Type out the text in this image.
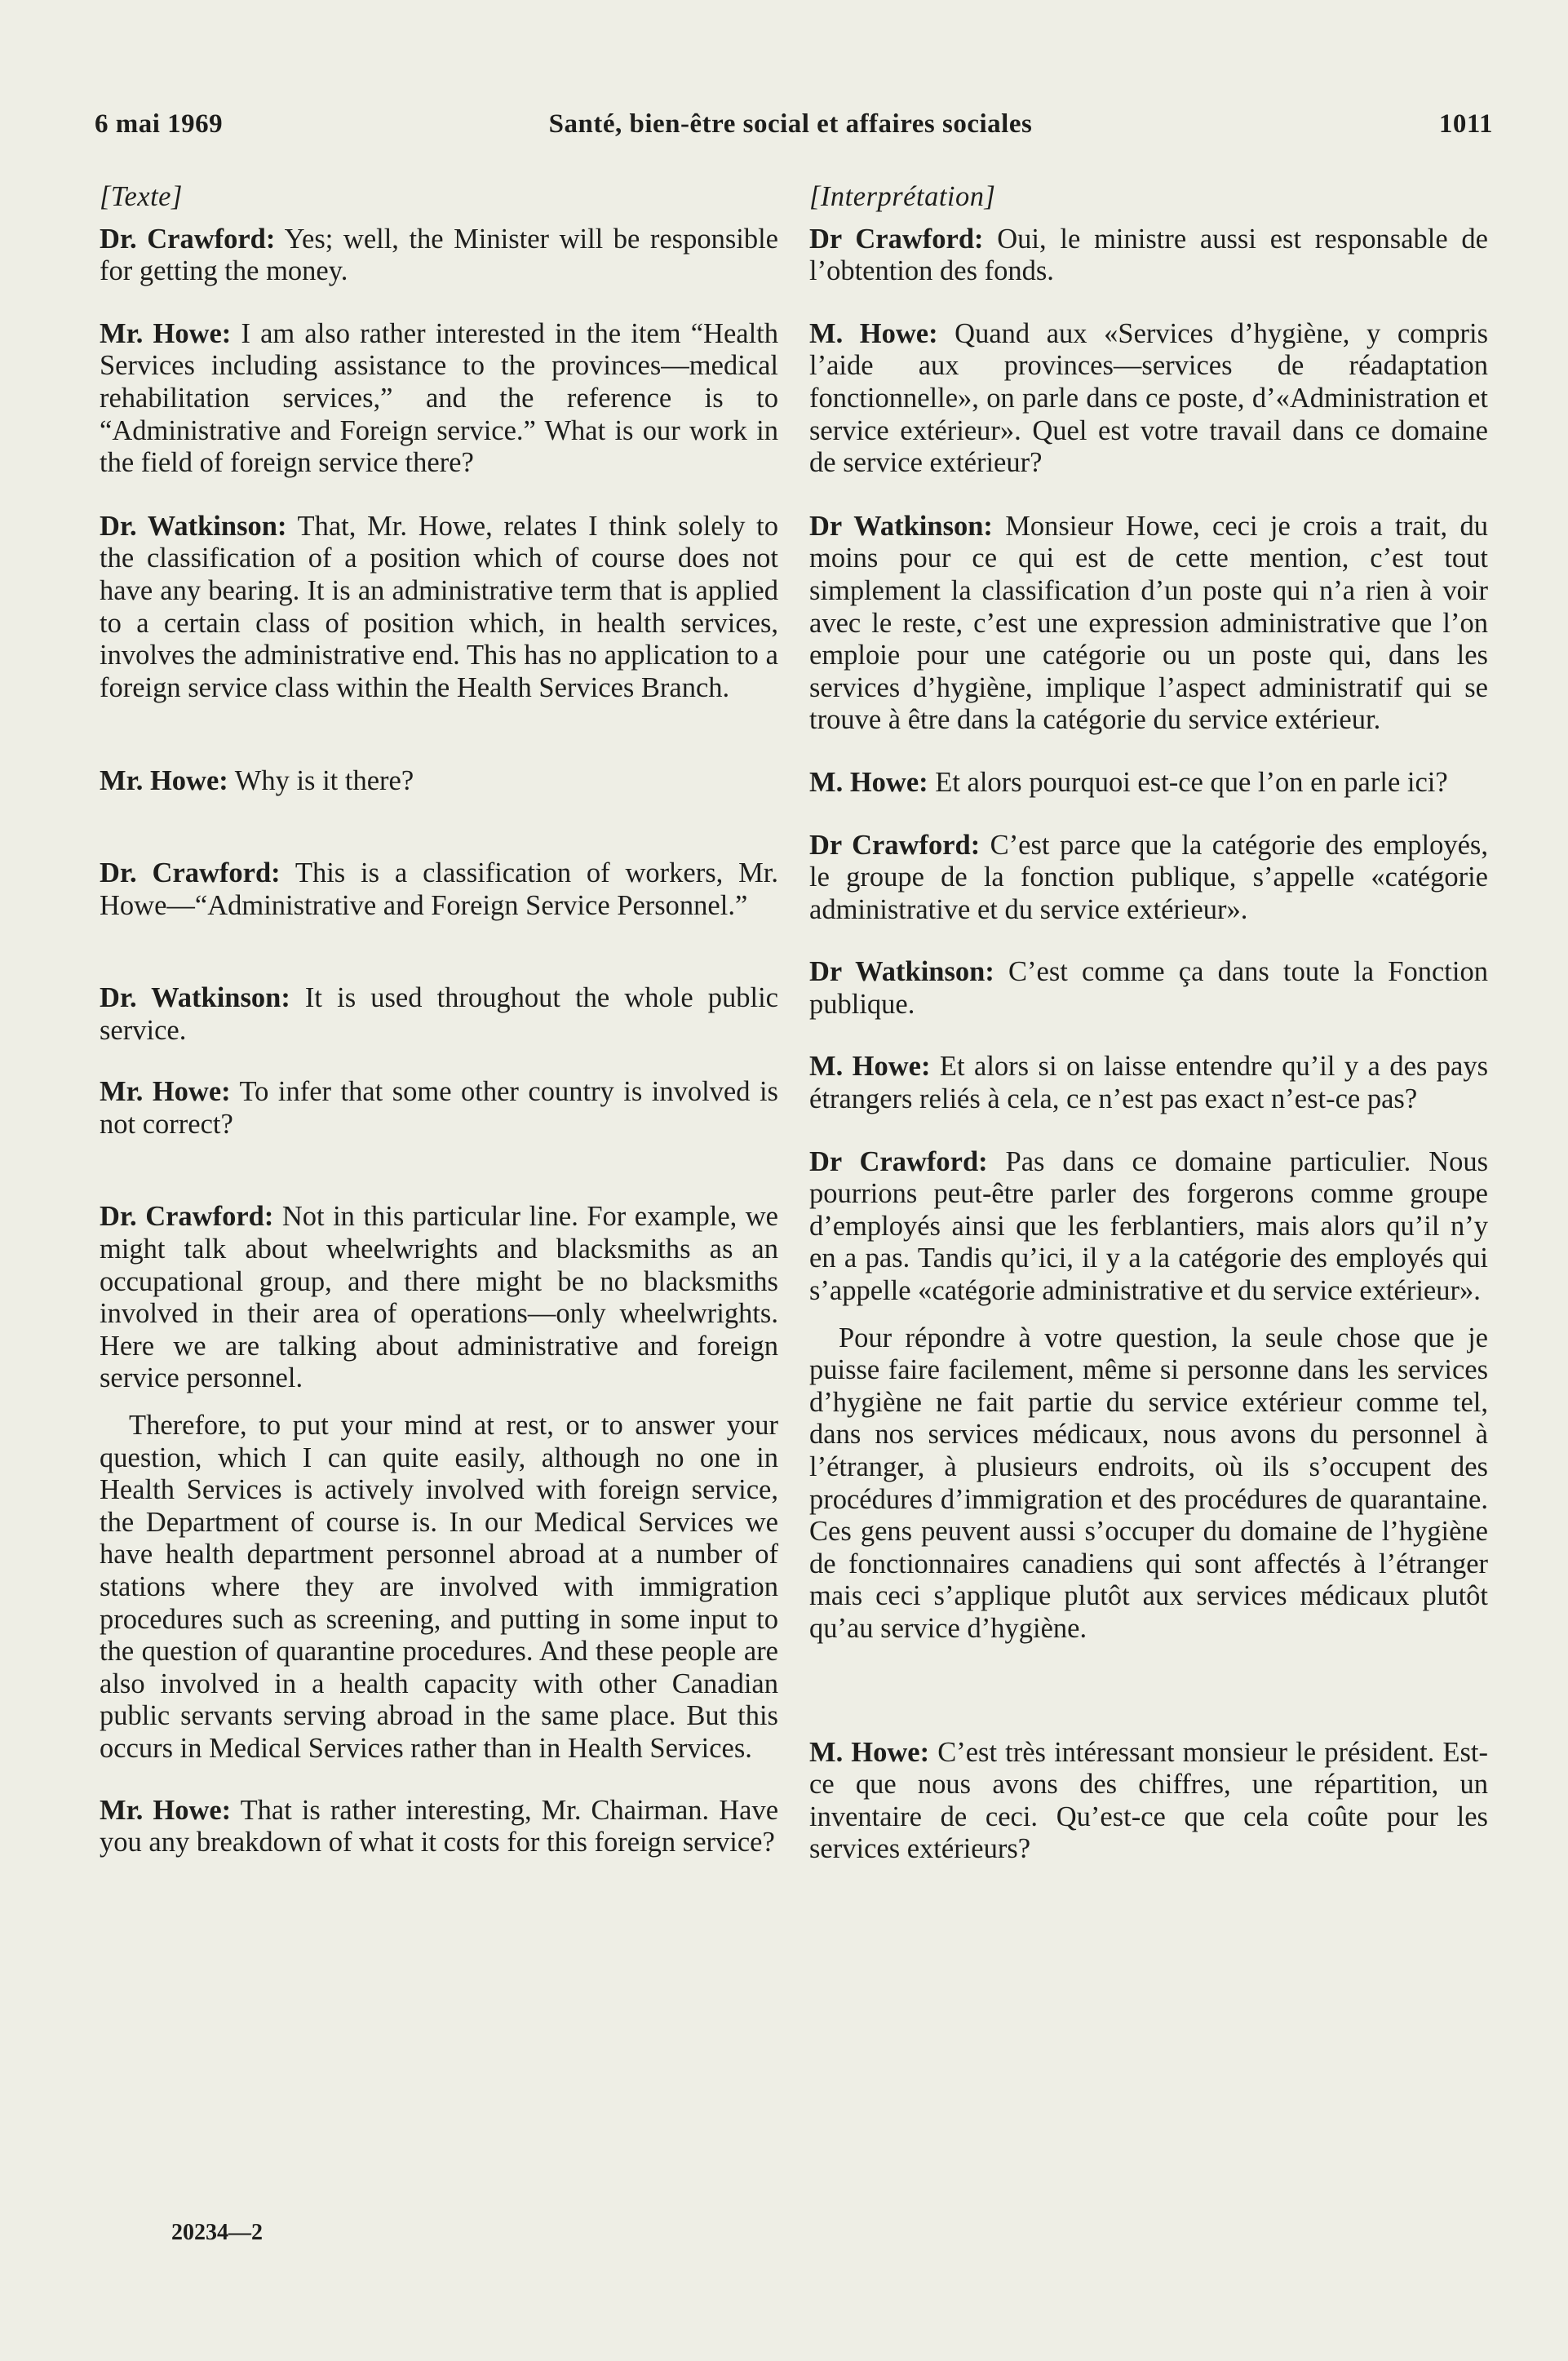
6 mai 1969	Santé, bien-être social et affaires sociales	1011
[Texte]

Dr. Crawford: Yes; well, the Minister will be responsible for getting the money.

Mr. Howe: I am also rather interested in the item “Health Services including assistance to the provinces—medical rehabilitation services,” and the reference is to “Administrative and Foreign service.” What is our work in the field of foreign service there?

Dr. Watkinson: That, Mr. Howe, relates I think solely to the classification of a position which of course does not have any bearing. It is an administrative term that is applied to a certain class of position which, in health services, involves the administrative end. This has no application to a foreign service class within the Health Services Branch.

Mr. Howe: Why is it there?

Dr. Crawford: This is a classification of workers, Mr. Howe—“Administrative and Foreign Service Personnel.”

Dr. Watkinson: It is used throughout the whole public service.

Mr. Howe: To infer that some other country is involved is not correct?

Dr. Crawford: Not in this particular line. For example, we might talk about wheelwrights and blacksmiths as an occupational group, and there might be no blacksmiths involved in their area of operations—only wheelwrights. Here we are talking about administrative and foreign service personnel.

Therefore, to put your mind at rest, or to answer your question, which I can quite easily, although no one in Health Services is actively involved with foreign service, the Department of course is. In our Medical Services we have health department personnel abroad at a number of stations where they are involved with immigration procedures such as screening, and putting in some input to the question of quarantine procedures. And these people are also involved in a health capacity with other Canadian public servants serving abroad in the same place. But this occurs in Medical Services rather than in Health Services.

Mr. Howe: That is rather interesting, Mr. Chairman. Have you any breakdown of what it costs for this foreign service?

[Interprétation]

Dr Crawford: Oui, le ministre aussi est responsable de l’obtention des fonds.

M. Howe: Quand aux «Services d’hygiène, y compris l’aide aux provinces—services de réadaptation fonctionnelle», on parle dans ce poste, d’«Administration et service extérieur». Quel est votre travail dans ce domaine de service extérieur?

Dr Watkinson: Monsieur Howe, ceci je crois a trait, du moins pour ce qui est de cette mention, c’est tout simplement la classification d’un poste qui n’a rien à voir avec le reste, c’est une expression administrative que l’on emploie pour une catégorie ou un poste qui, dans les services d’hygiène, implique l’aspect administratif qui se trouve à être dans la catégorie du service extérieur.

M. Howe: Et alors pourquoi est-ce que l’on en parle ici?

Dr Crawford: C’est parce que la catégorie des employés, le groupe de la fonction publique, s’appelle «catégorie administrative et du service extérieur».

Dr Watkinson: C’est comme ça dans toute la Fonction publique.

M. Howe: Et alors si on laisse entendre qu’il y a des pays étrangers reliés à cela, ce n’est pas exact n’est-ce pas?

Dr Crawford: Pas dans ce domaine particulier. Nous pourrions peut-être parler des forgerons comme groupe d’employés ainsi que les ferblantiers, mais alors qu’il n’y en a pas. Tandis qu’ici, il y a la catégorie des employés qui s’appelle «catégorie administrative et du service extérieur».

Pour répondre à votre question, la seule chose que je puisse faire facilement, même si personne dans les services d’hygiène ne fait partie du service extérieur comme tel, dans nos services médicaux, nous avons du personnel à l’étranger, à plusieurs endroits, où ils s’occupent des procédures d’immigration et des procédures de quarantaine. Ces gens peuvent aussi s’occuper du domaine de l’hygiène de fonctionnaires canadiens qui sont affectés à l’étranger mais ceci s’applique plutôt aux services médicaux plutôt qu’au service d’hygiène.

M. Howe: C’est très intéressant monsieur le président. Est-ce que nous avons des chiffres, une répartition, un inventaire de ceci. Qu’est-ce que cela coûte pour les services extérieurs?

20234—2
